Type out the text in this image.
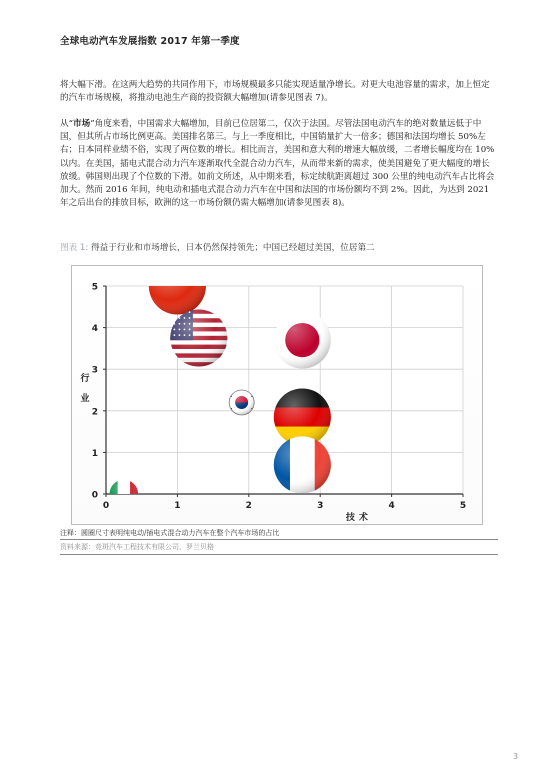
全球电动汽车发展指数 2017 年第一季度

将大幅下滑。在这两大趋势的共同作用下，市场规模最多只能实现适量净增长。对更大电池容量的需求，加上恒定的汽车市场规模，将推动电池生产商的投资额大幅增加(请参见图表 7)。

从“市场”角度来看，中国需求大幅增加，目前已位居第二，仅次于法国。尽管法国电动汽车的绝对数量远低于中国，但其所占市场比例更高。美国排名第三。与上一季度相比，中国销量扩大一倍多；德国和法国均增长 50%左右；日本同样业绩不俗，实现了两位数的增长。相比而言，美国和意大利的增速大幅放缓，二者增长幅度均在 10%以内。在美国，插电式混合动力汽车逐渐取代全混合动力汽车，从而带来新的需求，使美国避免了更大幅度的增长放缓。韩国则出现了个位数的下滑。如前文所述，从中期来看，标定续航距离超过 300 公里的纯电动汽车占比将会加大。然而 2016 年间，纯电动和插电式混合动力汽车在中国和法国的市场份额均不到 2%。因此，为达到 2021 年之后出台的排放目标，欧洲的这一市场份额仍需大幅增加(请参见图表 8)。

图表 1: 得益于行业和市场增长，日本仍然保持领先；中国已经超过美国，位居第二
0	1	2	3	4	5
0
1
2
3
4
5
技术
行业
注释：圆圈尺寸表明纯电动/插电式混合动力汽车在整个汽车市场的占比
资料来源：竞斑汽车工程技术有限公司，罗兰贝格
3
